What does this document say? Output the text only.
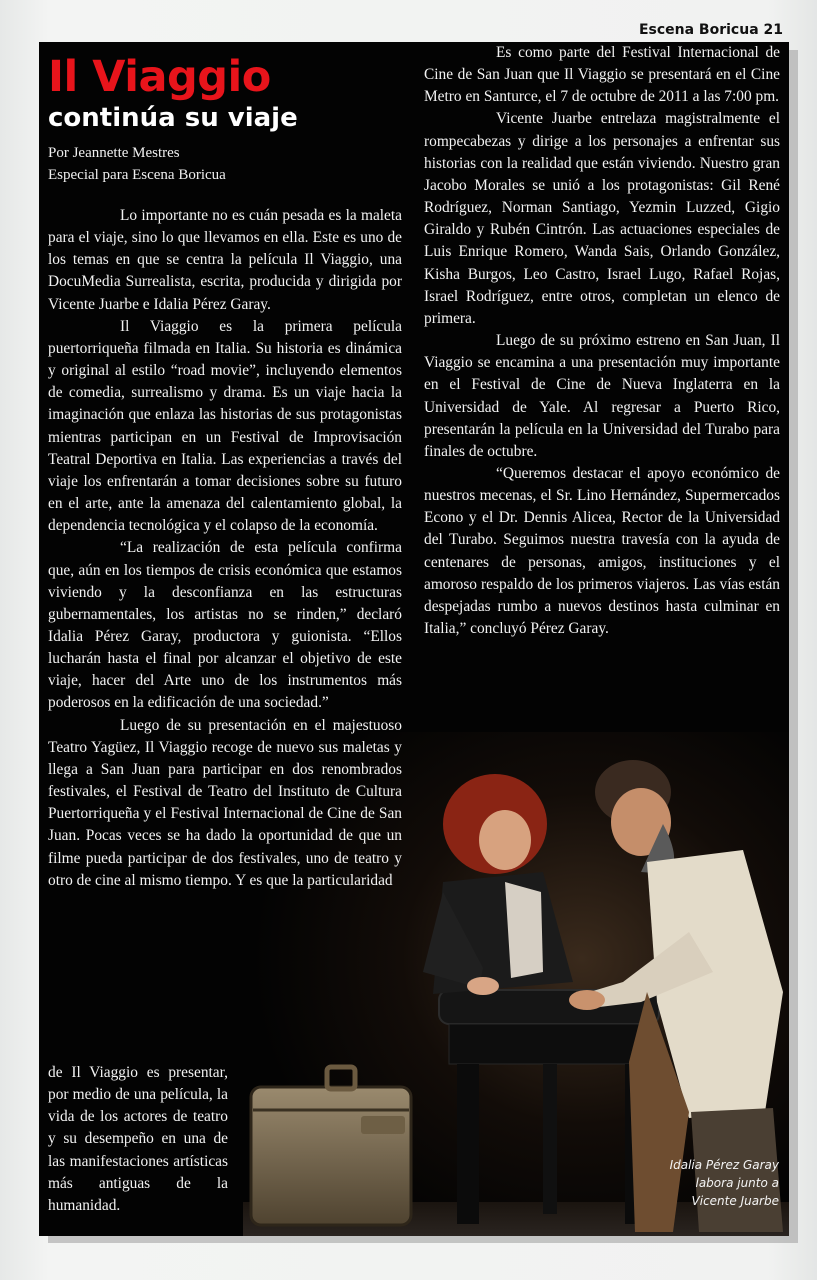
Escena Boricua 21
Idalia Pérez Garay
labora junto a
Vicente Juarbe
Il Viaggio
continúa su viaje
Por Jeannette Mestres
Especial para Escena Boricua

Lo importante no es cuán pesada es la maleta para el viaje, sino lo que llevamos en ella. Este es uno de los temas en que se centra la película Il Viaggio, una DocuMedia Surrealista, escrita, producida y dirigida por Vicente Juarbe e Idalia Pérez Garay.

Il Viaggio es la primera película puertorriqueña filmada en Italia. Su historia es dinámica y original al estilo “road movie”, incluyendo elementos de comedia, surrealismo y drama. Es un viaje hacia la imaginación que enlaza las historias de sus protagonistas mientras participan en un Festival de Improvisación Teatral Deportiva en Italia. Las experiencias a través del viaje los enfrentarán a tomar decisiones sobre su futuro en el arte, ante la amenaza del calentamiento global, la dependencia tecnológica y el colapso de la economía.

“La realización de esta película confirma que, aún en los tiempos de crisis económica que estamos viviendo y la desconfianza en las estructuras gubernamentales, los artistas no se rinden,” declaró Idalia Pérez Garay, productora y guionista. “Ellos lucharán hasta el final por alcanzar el objetivo de este viaje, hacer del Arte uno de los instrumentos más poderosos en la edificación de una sociedad.”

Luego de su presentación en el majestuoso Teatro Yagüez, Il Viaggio recoge de nuevo sus maletas y llega a San Juan para participar en dos renombrados festivales, el Festival de Teatro del Instituto de Cultura Puertorriqueña y el Festival Internacional de Cine de San Juan. Pocas veces se ha dado la oportunidad de que un filme pueda participar de dos festivales, uno de teatro y otro de cine al mismo tiempo. Y es que la particularidad

de Il Viaggio es presentar, por medio de una película, la vida de los actores de teatro y su desempeño en una de las manifestaciones artísticas más antiguas de la humanidad.

Es como parte del Festival Internacional de Cine de San Juan que Il Viaggio se presentará en el Cine Metro en Santurce, el 7 de octubre de 2011 a las 7:00 pm.

Vicente Juarbe entrelaza magistralmente el rompecabezas y dirige a los personajes a enfrentar sus historias con la realidad que están viviendo. Nuestro gran Jacobo Morales se unió a los protagonistas: Gil René Rodríguez, Norman Santiago, Yezmin Luzzed, Gigio Giraldo y Rubén Cintrón. Las actuaciones especiales de Luis Enrique Romero, Wanda Sais, Orlando González, Kisha Burgos, Leo Castro, Israel Lugo, Rafael Rojas, Israel Rodríguez, entre otros, completan un elenco de primera.

Luego de su próximo estreno en San Juan, Il Viaggio se encamina a una presentación muy importante en el Festival de Cine de Nueva Inglaterra en la Universidad de Yale. Al regresar a Puerto Rico, presentarán la película en la Universidad del Turabo para finales de octubre.

“Queremos destacar el apoyo económico de nuestros mecenas, el Sr. Lino Hernández, Supermercados Econo y el Dr. Dennis Alicea, Rector de la Universidad del Turabo. Seguimos nuestra travesía con la ayuda de centenares de personas, amigos, instituciones y el amoroso respaldo de los primeros viajeros. Las vías están despejadas rumbo a nuevos destinos hasta culminar en Italia,” concluyó Pérez Garay.
